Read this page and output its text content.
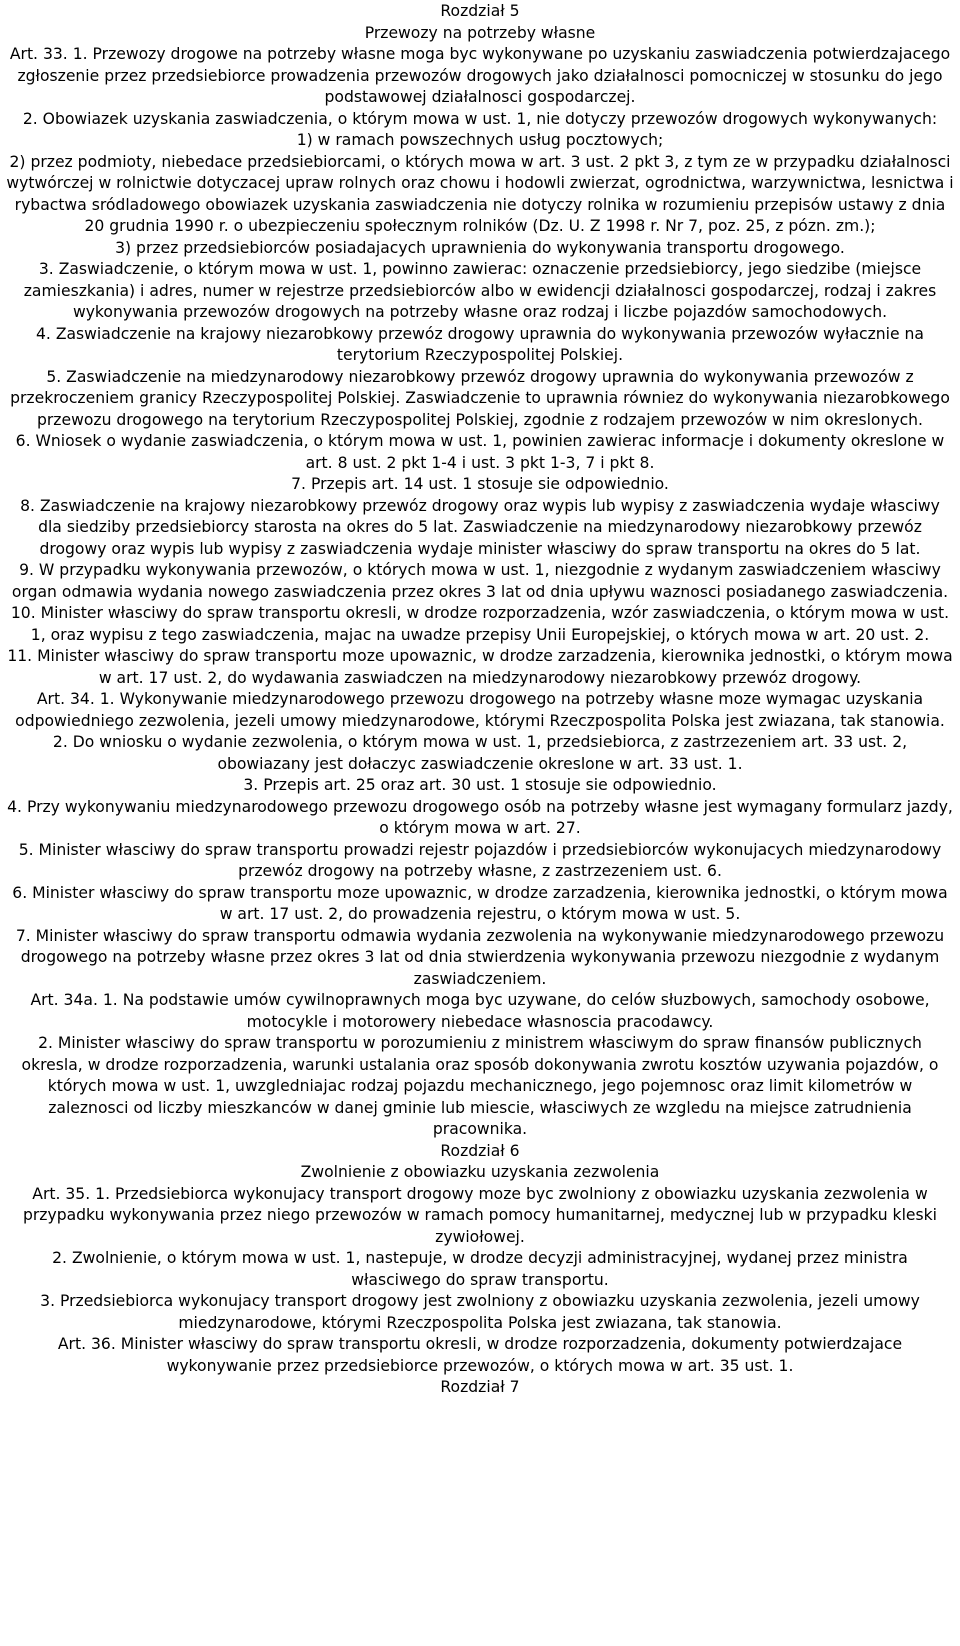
Rozdział 5

Przewozy na potrzeby własne

Art. 33. 1. Przewozy drogowe na potrzeby własne moga byc wykonywane po uzyskaniu zaswiadczenia potwierdzajacego zgłoszenie przez przedsiebiorce prowadzenia przewozów drogowych jako działalnosci pomocniczej w stosunku do jego podstawowej działalnosci gospodarczej.

2. Obowiazek uzyskania zaswiadczenia, o którym mowa w ust. 1, nie dotyczy przewozów drogowych wykonywanych:

1) w ramach powszechnych usług pocztowych;

2) przez podmioty, niebedace przedsiebiorcami, o których mowa w art. 3 ust. 2 pkt 3, z tym ze w przypadku działalnosci wytwórczej w rolnictwie dotyczacej upraw rolnych oraz chowu i hodowli zwierzat, ogrodnictwa, warzywnictwa, lesnictwa i rybactwa sródladowego obowiazek uzyskania zaswiadczenia nie dotyczy rolnika w rozumieniu przepisów ustawy z dnia 20 grudnia 1990 r. o ubezpieczeniu społecznym rolników (Dz. U. Z 1998 r. Nr 7, poz. 25, z pózn. zm.);

3) przez przedsiebiorców posiadajacych uprawnienia do wykonywania transportu drogowego.

3. Zaswiadczenie, o którym mowa w ust. 1, powinno zawierac: oznaczenie przedsiebiorcy, jego siedzibe (miejsce zamieszkania) i adres, numer w rejestrze przedsiebiorców albo w ewidencji działalnosci gospodarczej, rodzaj i zakres wykonywania przewozów drogowych na potrzeby własne oraz rodzaj i liczbe pojazdów samochodowych.

4. Zaswiadczenie na krajowy niezarobkowy przewóz drogowy uprawnia do wykonywania przewozów wyłacznie na terytorium Rzeczypospolitej Polskiej.

5. Zaswiadczenie na miedzynarodowy niezarobkowy przewóz drogowy uprawnia do wykonywania przewozów z przekroczeniem granicy Rzeczypospolitej Polskiej. Zaswiadczenie to uprawnia równiez do wykonywania niezarobkowego przewozu drogowego na terytorium Rzeczypospolitej Polskiej, zgodnie z rodzajem przewozów w nim okreslonych.

6. Wniosek o wydanie zaswiadczenia, o którym mowa w ust. 1, powinien zawierac informacje i dokumenty okreslone w art. 8 ust. 2 pkt 1-4 i ust. 3 pkt 1-3, 7 i pkt 8.

7. Przepis art. 14 ust. 1 stosuje sie odpowiednio.

8. Zaswiadczenie na krajowy niezarobkowy przewóz drogowy oraz wypis lub wypisy z zaswiadczenia wydaje własciwy dla siedziby przedsiebiorcy starosta na okres do 5 lat. Zaswiadczenie na miedzynarodowy niezarobkowy przewóz drogowy oraz wypis lub wypisy z zaswiadczenia wydaje minister własciwy do spraw transportu na okres do 5 lat.

9. W przypadku wykonywania przewozów, o których mowa w ust. 1, niezgodnie z wydanym zaswiadczeniem własciwy organ odmawia wydania nowego zaswiadczenia przez okres 3 lat od dnia upływu waznosci posiadanego zaswiadczenia.

10. Minister własciwy do spraw transportu okresli, w drodze rozporzadzenia, wzór zaswiadczenia, o którym mowa w ust. 1, oraz wypisu z tego zaswiadczenia, majac na uwadze przepisy Unii Europejskiej, o których mowa w art. 20 ust. 2.

11. Minister własciwy do spraw transportu moze upowaznic, w drodze zarzadzenia, kierownika jednostki, o którym mowa w art. 17 ust. 2, do wydawania zaswiadczen na miedzynarodowy niezarobkowy przewóz drogowy.

Art. 34. 1. Wykonywanie miedzynarodowego przewozu drogowego na potrzeby własne moze wymagac uzyskania odpowiedniego zezwolenia, jezeli umowy miedzynarodowe, którymi Rzeczpospolita Polska jest zwiazana, tak stanowia.

2. Do wniosku o wydanie zezwolenia, o którym mowa w ust. 1, przedsiebiorca, z zastrzezeniem art. 33 ust. 2, obowiazany jest dołaczyc zaswiadczenie okreslone w art. 33 ust. 1.

3. Przepis art. 25 oraz art. 30 ust. 1 stosuje sie odpowiednio.

4. Przy wykonywaniu miedzynarodowego przewozu drogowego osób na potrzeby własne jest wymagany formularz jazdy, o którym mowa w art. 27.

5. Minister własciwy do spraw transportu prowadzi rejestr pojazdów i przedsiebiorców wykonujacych miedzynarodowy przewóz drogowy na potrzeby własne, z zastrzezeniem ust. 6.

6. Minister własciwy do spraw transportu moze upowaznic, w drodze zarzadzenia, kierownika jednostki, o którym mowa w art. 17 ust. 2, do prowadzenia rejestru, o którym mowa w ust. 5.

7. Minister własciwy do spraw transportu odmawia wydania zezwolenia na wykonywanie miedzynarodowego przewozu drogowego na potrzeby własne przez okres 3 lat od dnia stwierdzenia wykonywania przewozu niezgodnie z wydanym zaswiadczeniem.

Art. 34a. 1. Na podstawie umów cywilnoprawnych moga byc uzywane, do celów słuzbowych, samochody osobowe, motocykle i motorowery niebedace własnoscia pracodawcy.

2. Minister własciwy do spraw transportu w porozumieniu z ministrem własciwym do spraw finansów publicznych okresla, w drodze rozporzadzenia, warunki ustalania oraz sposób dokonywania zwrotu kosztów uzywania pojazdów, o których mowa w ust. 1, uwzgledniajac rodzaj pojazdu mechanicznego, jego pojemnosc oraz limit kilometrów w zaleznosci od liczby mieszkanców w danej gminie lub miescie, własciwych ze wzgledu na miejsce zatrudnienia pracownika.

Rozdział 6

Zwolnienie z obowiazku uzyskania zezwolenia

Art. 35. 1. Przedsiebiorca wykonujacy transport drogowy moze byc zwolniony z obowiazku uzyskania zezwolenia w przypadku wykonywania przez niego przewozów w ramach pomocy humanitarnej, medycznej lub w przypadku kleski zywiołowej.

2. Zwolnienie, o którym mowa w ust. 1, nastepuje, w drodze decyzji administracyjnej, wydanej przez ministra własciwego do spraw transportu.

3. Przedsiebiorca wykonujacy transport drogowy jest zwolniony z obowiazku uzyskania zezwolenia, jezeli umowy miedzynarodowe, którymi Rzeczpospolita Polska jest zwiazana, tak stanowia.

Art. 36. Minister własciwy do spraw transportu okresli, w drodze rozporzadzenia, dokumenty potwierdzajace wykonywanie przez przedsiebiorce przewozów, o których mowa w art. 35 ust. 1.

Rozdział 7
